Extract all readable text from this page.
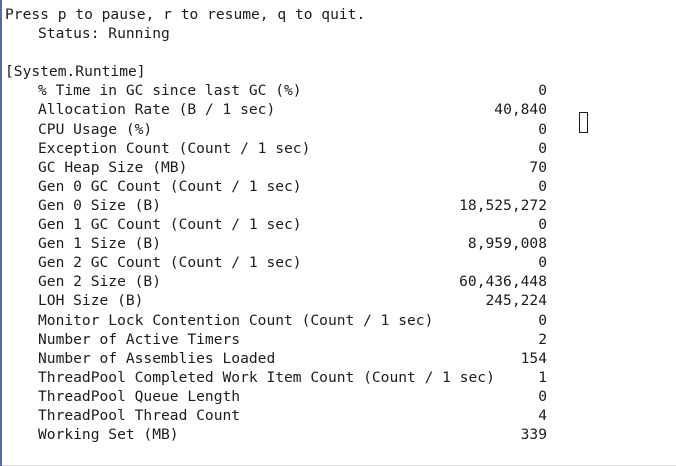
Press p to pause, r to resume, q to quit.
Status: Running
[System.Runtime]
% Time in GC since last GC (%)	0
Allocation Rate (B / 1 sec)	40,840
CPU Usage (%)	0
Exception Count (Count / 1 sec)	0
GC Heap Size (MB)	70
Gen 0 GC Count (Count / 1 sec)	0
Gen 0 Size (B)	18,525,272
Gen 1 GC Count (Count / 1 sec)	0
Gen 1 Size (B)	8,959,008
Gen 2 GC Count (Count / 1 sec)	0
Gen 2 Size (B)	60,436,448
LOH Size (B)	245,224
Monitor Lock Contention Count (Count / 1 sec)	0
Number of Active Timers	2
Number of Assemblies Loaded	154
ThreadPool Completed Work Item Count (Count / 1 sec)	1
ThreadPool Queue Length	0
ThreadPool Thread Count	4
Working Set (MB)	339
